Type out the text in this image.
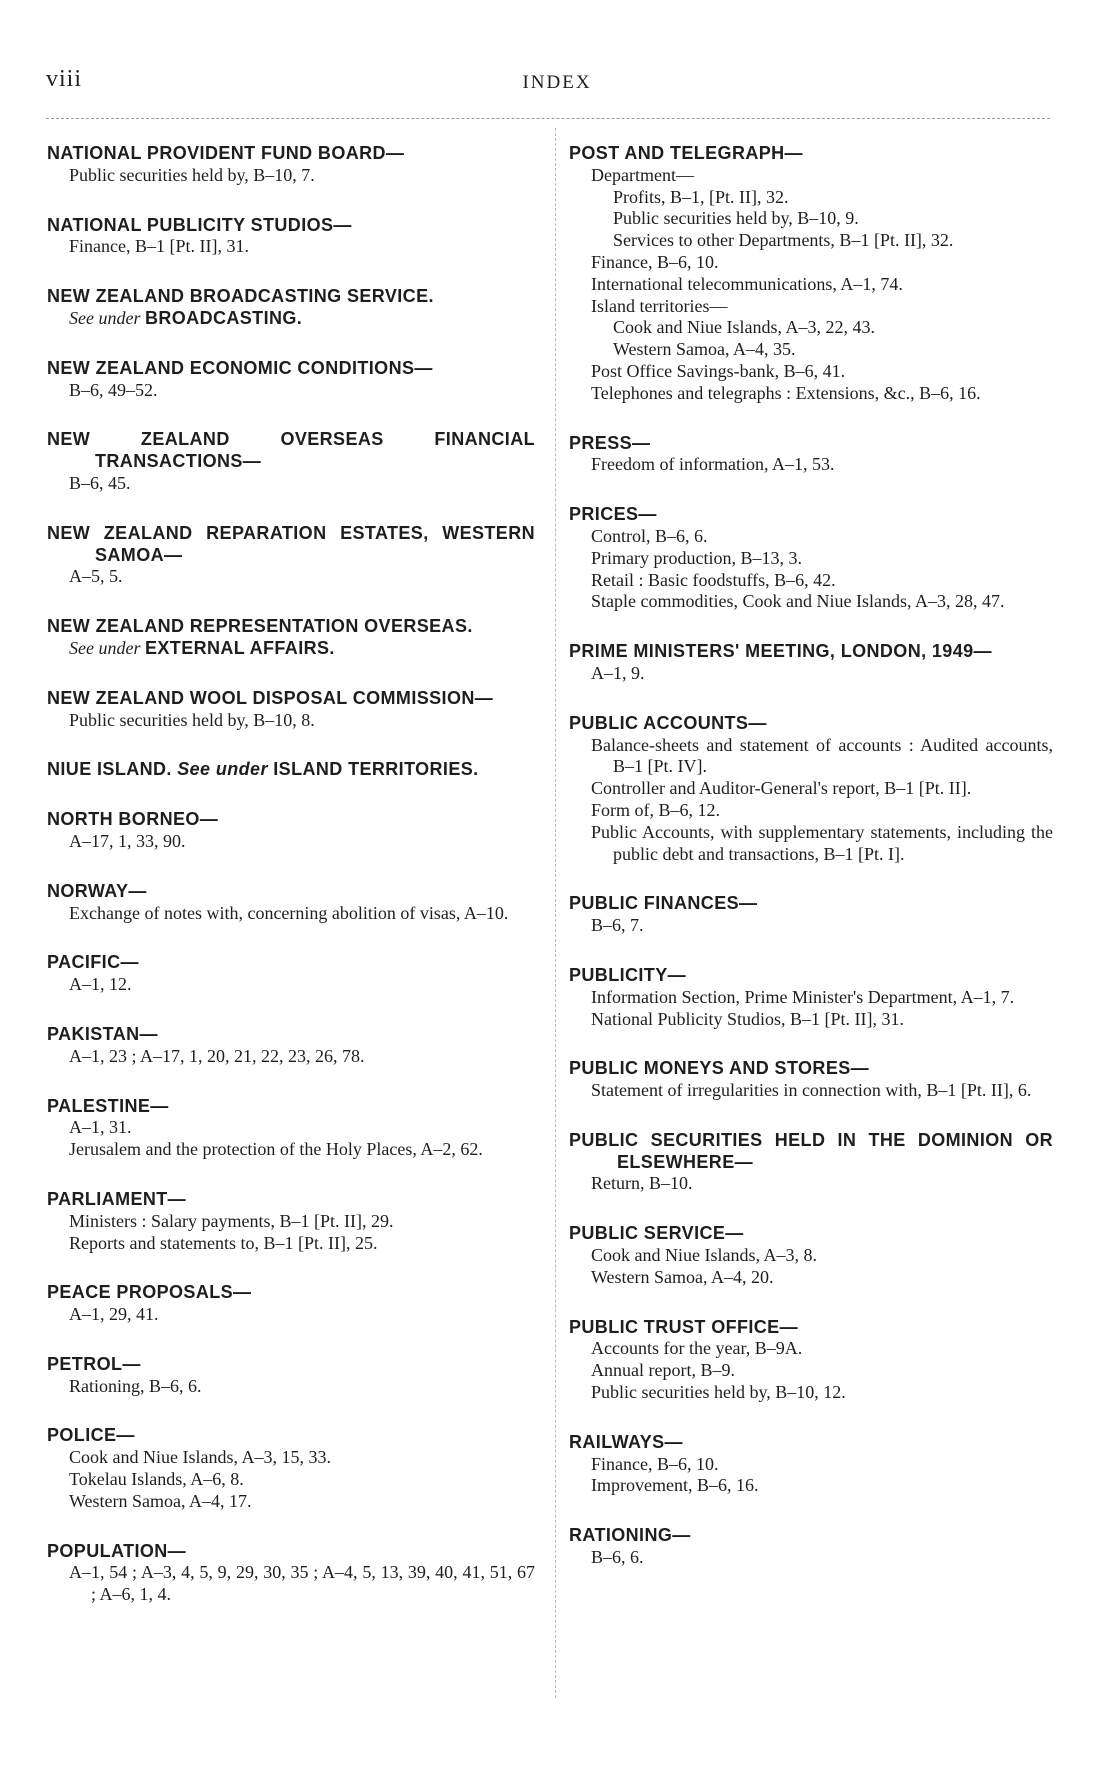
viii	INDEX
NATIONAL PROVIDENT FUND BOARD—
Public securities held by, B–10, 7.
NATIONAL PUBLICITY STUDIOS—
Finance, B–1 [Pt. II], 31.
NEW ZEALAND BROADCASTING SERVICE.
See under BROADCASTING.
NEW ZEALAND ECONOMIC CONDITIONS—
B–6, 49–52.
NEW ZEALAND OVERSEAS FINANCIAL TRANSACTIONS—
B–6, 45.
NEW ZEALAND REPARATION ESTATES, WESTERN SAMOA—
A–5, 5.
NEW ZEALAND REPRESENTATION OVERSEAS.
See under EXTERNAL AFFAIRS.
NEW ZEALAND WOOL DISPOSAL COMMISSION—
Public securities held by, B–10, 8.
NIUE ISLAND. See under ISLAND TERRITORIES.
NORTH BORNEO—
A–17, 1, 33, 90.
NORWAY—
Exchange of notes with, concerning abolition of visas, A–10.
PACIFIC—
A–1, 12.
PAKISTAN—
A–1, 23 ; A–17, 1, 20, 21, 22, 23, 26, 78.
PALESTINE—
A–1, 31.
Jerusalem and the protection of the Holy Places, A–2, 62.
PARLIAMENT—
Ministers : Salary payments, B–1 [Pt. II], 29.
Reports and statements to, B–1 [Pt. II], 25.
PEACE PROPOSALS—
A–1, 29, 41.
PETROL—
Rationing, B–6, 6.
POLICE—
Cook and Niue Islands, A–3, 15, 33.
Tokelau Islands, A–6, 8.
Western Samoa, A–4, 17.
POPULATION—
A–1, 54 ; A–3, 4, 5, 9, 29, 30, 35 ; A–4, 5, 13, 39, 40, 41, 51, 67 ; A–6, 1, 4.
POST AND TELEGRAPH—
Department—
Profits, B–1, [Pt. II], 32.
Public securities held by, B–10, 9.
Services to other Departments, B–1 [Pt. II], 32.
Finance, B–6, 10.
International telecommunications, A–1, 74.
Island territories—
Cook and Niue Islands, A–3, 22, 43.
Western Samoa, A–4, 35.
Post Office Savings-bank, B–6, 41.
Telephones and telegraphs : Extensions, &c., B–6, 16.
PRESS—
Freedom of information, A–1, 53.
PRICES—
Control, B–6, 6.
Primary production, B–13, 3.
Retail : Basic foodstuffs, B–6, 42.
Staple commodities, Cook and Niue Islands, A–3, 28, 47.
PRIME MINISTERS' MEETING, LONDON, 1949—
A–1, 9.
PUBLIC ACCOUNTS—
Balance-sheets and statement of accounts : Audited accounts, B–1 [Pt. IV].
Controller and Auditor-General's report, B–1 [Pt. II].
Form of, B–6, 12.
Public Accounts, with supplementary statements, including the public debt and transactions, B–1 [Pt. I].
PUBLIC FINANCES—
B–6, 7.
PUBLICITY—
Information Section, Prime Minister's Department, A–1, 7.
National Publicity Studios, B–1 [Pt. II], 31.
PUBLIC MONEYS AND STORES—
Statement of irregularities in connection with, B–1 [Pt. II], 6.
PUBLIC SECURITIES HELD IN THE DOMINION OR ELSEWHERE—
Return, B–10.
PUBLIC SERVICE—
Cook and Niue Islands, A–3, 8.
Western Samoa, A–4, 20.
PUBLIC TRUST OFFICE—
Accounts for the year, B–9A.
Annual report, B–9.
Public securities held by, B–10, 12.
RAILWAYS—
Finance, B–6, 10.
Improvement, B–6, 16.
RATIONING—
B–6, 6.
